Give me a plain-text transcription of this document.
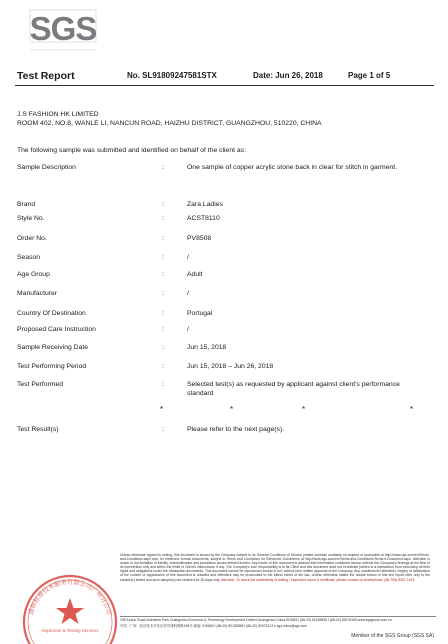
SGS
Test Report	No. SL91809247581STX	Date: Jun 26, 2018	Page 1 of 5
J.S FASHION HK LIMITED
ROOM 402, NO.8, WANLE LI, NANCUN ROAD, HAIZHU DISTRICT, GUANGZHOU, 510220, CHINA
The following sample was submitted and identified on behalf of the client as:
Sample Description	:	One sample of copper acrylic stone back in clear for stitch in garment.
Brand	:	Zara Ladies
Style No.	:	ACST8110
Order No.	:	PV8508
Season	:	/
Age Group	:	Adult
Manufacturer	:	/
Country Of Destination	:	Portugal
Proposed Care Instruction	:	/
Sample Receiving Date	:	Jun 15, 2018
Test Performing Period	:	Jun 15, 2018 – Jun 26, 2018
Test Performed	:	Selected test(s) as requested by applicant against client's performance standard
Test Result(s)	:	Please refer to the next page(s).
*	*	*	*
Unless otherwise agreed in writing, this document is issued by the Company subject to its General Conditions of Service printed overleaf, available on request or accessible at http://www.sgs.com/en/Terms-and-Conditions.aspx and, for electronic format documents, subject to Terms and Conditions for Electronic Documents at http://www.sgs.com/en/Terms-and-Conditions/Terms-e-Document.aspx. Attention is drawn to the limitation of liability, indemnification and jurisdiction issues defined therein. Any holder of this document is advised that information contained hereon reflects the Company's findings at the time of its intervention only and within the limits of Client's instructions, if any. The Company's sole responsibility is to its Client and this document does not exonerate parties to a transaction from exercising all their rights and obligations under the transaction documents. This document cannot be reproduced except in full, without prior written approval of the Company. Any unauthorized alteration, forgery or falsification of the content or appearance of this document is unlawful and offenders may be prosecuted to the fullest extent of the law. Unless otherwise stated the results shown in this test report refer only to the sample(s) tested and such sample(s) are retained for 30 days only. Attention: To check the authenticity of testing / inspection report & certificate, please contact us at telephone: (86-755) 8307 1443,
198 Kezhu Road,Scientech Park Guangzhou Economic & Technology Development District,Guangzhou,China 510663 t (86-20) 82155555 f (86-20) 82075190 www.sgsgroup.com.cn
中国 · 广州 · 经济技术开发区科学城科珠路198号 邮编: 510663 t (86-20) 82155555 f (86-20) 82075113 e sgs.china@sgs.com
Member of the SGS Group (SGS SA)
通标标准技术服务有限公司广州分公司
Inspection & Testing Services
